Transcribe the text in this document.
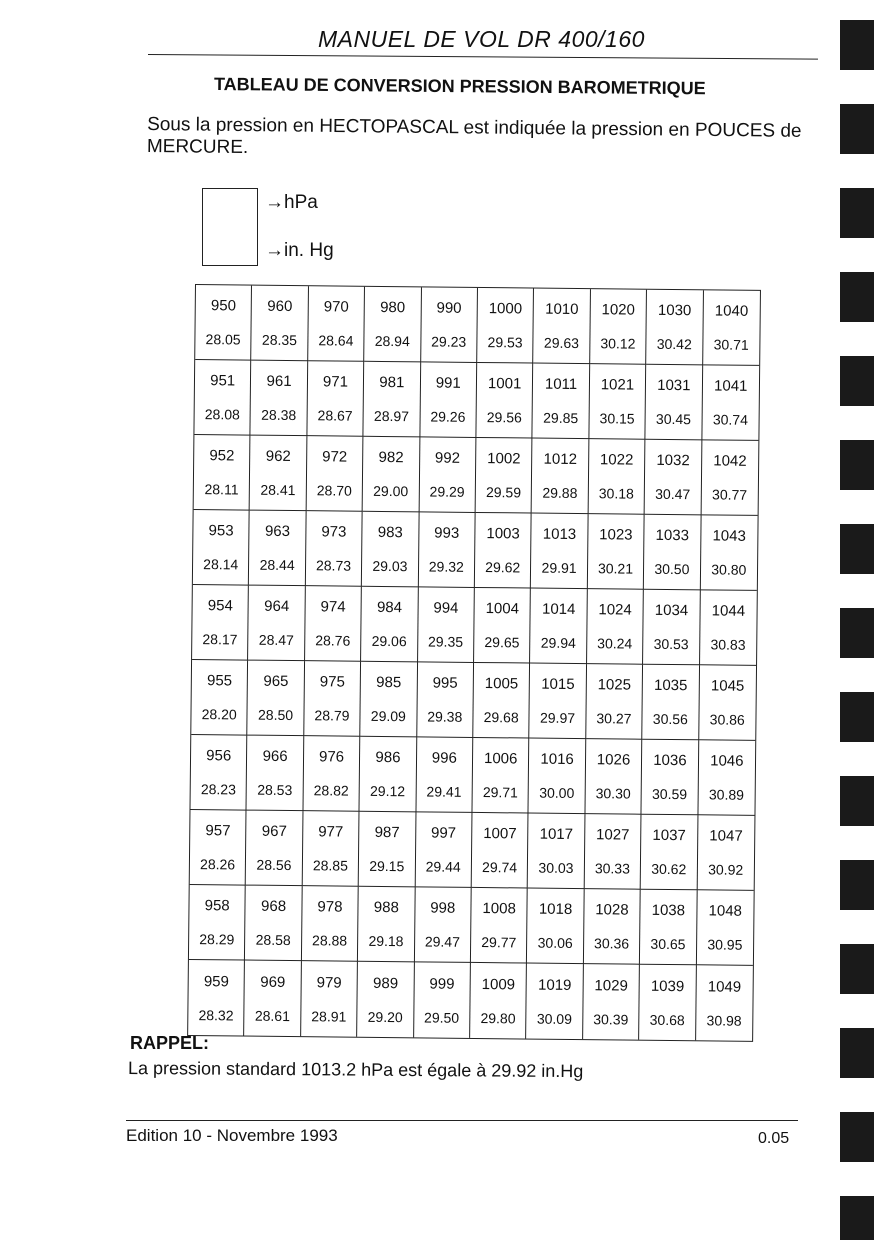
MANUEL DE VOL DR 400/160
TABLEAU DE CONVERSION PRESSION BAROMETRIQUE
Sous la pression en HECTOPASCAL est indiquée la pression en POUCES de MERCURE.
→hPa
→in. Hg
950
28.05
960
28.35
970
28.64
980
28.94
990
29.23
1000
29.53
1010
29.63
1020
30.12
1030
30.42
1040
30.71
951
28.08
961
28.38
971
28.67
981
28.97
991
29.26
1001
29.56
1011
29.85
1021
30.15
1031
30.45
1041
30.74
952
28.11
962
28.41
972
28.70
982
29.00
992
29.29
1002
29.59
1012
29.88
1022
30.18
1032
30.47
1042
30.77
953
28.14
963
28.44
973
28.73
983
29.03
993
29.32
1003
29.62
1013
29.91
1023
30.21
1033
30.50
1043
30.80
954
28.17
964
28.47
974
28.76
984
29.06
994
29.35
1004
29.65
1014
29.94
1024
30.24
1034
30.53
1044
30.83
955
28.20
965
28.50
975
28.79
985
29.09
995
29.38
1005
29.68
1015
29.97
1025
30.27
1035
30.56
1045
30.86
956
28.23
966
28.53
976
28.82
986
29.12
996
29.41
1006
29.71
1016
30.00
1026
30.30
1036
30.59
1046
30.89
957
28.26
967
28.56
977
28.85
987
29.15
997
29.44
1007
29.74
1017
30.03
1027
30.33
1037
30.62
1047
30.92
958
28.29
968
28.58
978
28.88
988
29.18
998
29.47
1008
29.77
1018
30.06
1028
30.36
1038
30.65
1048
30.95
959
28.32
969
28.61
979
28.91
989
29.20
999
29.50
1009
29.80
1019
30.09
1029
30.39
1039
30.68
1049
30.98
RAPPEL:
La pression standard 1013.2 hPa est égale à 29.92 in.Hg
Edition 10 - Novembre 1993	0.05
